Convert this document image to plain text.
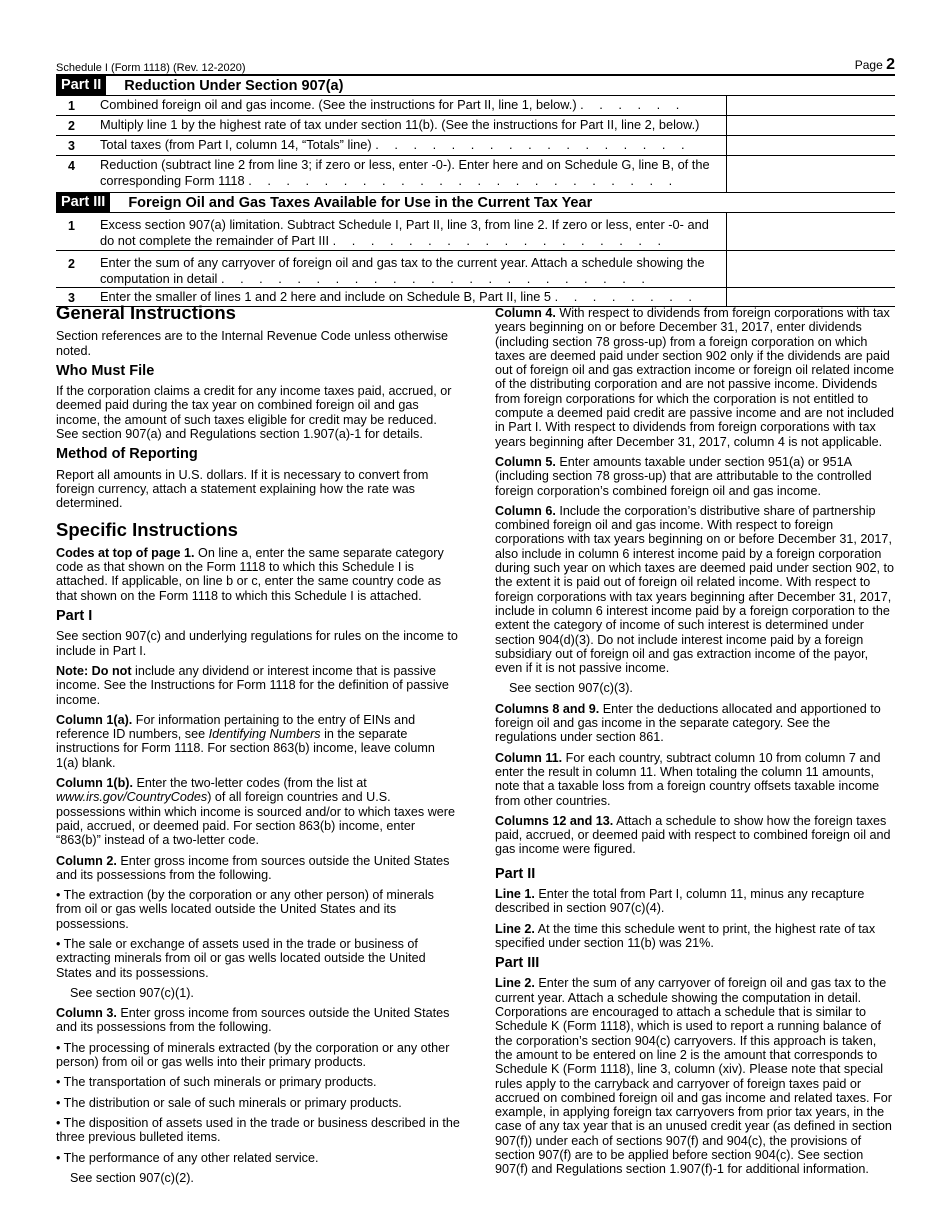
Schedule I (Form 1118) (Rev. 12-2020)	Page 2
Part II	Reduction Under Section 907(a)
1	Combined foreign oil and gas income. (See the instructions for Part II, line 1, below.) . . . . . .
2	Multiply line 1 by the highest rate of tax under section 11(b). (See the instructions for Part II, line 2, below.)
3	Total taxes (from Part I, column 14, “Totals” line) . . . . . . . . . . . . . . . . .
4	Reduction (subtract line 2 from line 3; if zero or less, enter -0-). Enter here and on Schedule G, line B, of the corresponding Form 1118 . . . . . . . . . . . . . . . . . . . . . . .
Part III	Foreign Oil and Gas Taxes Available for Use in the Current Tax Year
1	Excess section 907(a) limitation. Subtract Schedule I, Part II, line 3, from line 2. If zero or less, enter -0- and do not complete the remainder of Part III . . . . . . . . . . . . . . . . . .
2	Enter the sum of any carryover of foreign oil and gas tax to the current year. Attach a schedule showing the computation in detail . . . . . . . . . . . . . . . . . . . . . . .
3	Enter the smaller of lines 1 and 2 here and include on Schedule B, Part II, line 5 . . . . . . . .
General Instructions

Section references are to the Internal Revenue Code unless otherwise noted.

Who Must File

If the corporation claims a credit for any income taxes paid, accrued, or deemed paid during the tax year on combined foreign oil and gas income, the amount of such taxes eligible for credit may be reduced. See section 907(a) and Regulations section 1.907(a)-1 for details.

Method of Reporting

Report all amounts in U.S. dollars. If it is necessary to convert from foreign currency, attach a statement explaining how the rate was determined.

Specific Instructions

Codes at top of page 1. On line a, enter the same separate category code as that shown on the Form 1118 to which this Schedule I is attached. If applicable, on line b or c, enter the same country code as that shown on the Form 1118 to which this Schedule I is attached.

Part I

See section 907(c) and underlying regulations for rules on the income to include in Part I.

Note: Do not include any dividend or interest income that is passive income. See the Instructions for Form 1118 for the definition of passive income.

Column 1(a). For information pertaining to the entry of EINs and reference ID numbers, see Identifying Numbers in the separate instructions for Form 1118. For section 863(b) income, leave column 1(a) blank.

Column 1(b). Enter the two-letter codes (from the list at www.irs.gov/CountryCodes) of all foreign countries and U.S. possessions within which income is sourced and/or to which taxes were paid, accrued, or deemed paid. For section 863(b) income, enter “863(b)” instead of a two-letter code.

Column 2. Enter gross income from sources outside the United States and its possessions from the following.

• The extraction (by the corporation or any other person) of minerals from oil or gas wells located outside the United States and its possessions.

• The sale or exchange of assets used in the trade or business of extracting minerals from oil or gas wells located outside the United States and its possessions.

See section 907(c)(1).

Column 3. Enter gross income from sources outside the United States and its possessions from the following.

• The processing of minerals extracted (by the corporation or any other person) from oil or gas wells into their primary products.

• The transportation of such minerals or primary products.

• The distribution or sale of such minerals or primary products.

• The disposition of assets used in the trade or business described in the three previous bulleted items.

• The performance of any other related service.

See section 907(c)(2).

Column 4. With respect to dividends from foreign corporations with tax years beginning on or before December 31, 2017, enter dividends (including section 78 gross-up) from a foreign corporation on which taxes are deemed paid under section 902 only if the dividends are paid out of foreign oil and gas extraction income or foreign oil related income of the distributing corporation and are not passive income. Dividends from foreign corporations for which the corporation is not entitled to compute a deemed paid credit are passive income and are not included in Part I. With respect to dividends from foreign corporations with tax years beginning after December 31, 2017, column 4 is not applicable.

Column 5. Enter amounts taxable under section 951(a) or 951A (including section 78 gross-up) that are attributable to the controlled foreign corporation’s combined foreign oil and gas income.

Column 6. Include the corporation’s distributive share of partnership combined foreign oil and gas income. With respect to foreign corporations with tax years beginning on or before December 31, 2017, also include in column 6 interest income paid by a foreign corporation during such year on which taxes are deemed paid under section 902, to the extent it is paid out of foreign oil related income. With respect to foreign corporations with tax years beginning after December 31, 2017, include in column 6 interest income paid by a foreign corporation to the extent the category of income of such interest is determined under section 904(d)(3). Do not include interest income paid by a foreign subsidiary out of foreign oil and gas extraction income of the payor, even if it is not passive income.

See section 907(c)(3).

Columns 8 and 9. Enter the deductions allocated and apportioned to foreign oil and gas income in the separate category. See the regulations under section 861.

Column 11. For each country, subtract column 10 from column 7 and enter the result in column 11. When totaling the column 11 amounts, note that a taxable loss from a foreign country offsets taxable income from other countries.

Columns 12 and 13. Attach a schedule to show how the foreign taxes paid, accrued, or deemed paid with respect to combined foreign oil and gas income were figured.

Part II

Line 1. Enter the total from Part I, column 11, minus any recapture described in section 907(c)(4).

Line 2. At the time this schedule went to print, the highest rate of tax specified under section 11(b) was 21%.

Part III

Line 2. Enter the sum of any carryover of foreign oil and gas tax to the current year. Attach a schedule showing the computation in detail. Corporations are encouraged to attach a schedule that is similar to Schedule K (Form 1118), which is used to report a running balance of the corporation’s section 904(c) carryovers. If this approach is taken, the amount to be entered on line 2 is the amount that corresponds to Schedule K (Form 1118), line 3, column (xiv). Please note that special rules apply to the carryback and carryover of foreign taxes paid or accrued on combined foreign oil and gas income and related taxes. For example, in applying foreign tax carryovers from prior tax years, in the case of any tax year that is an unused credit year (as defined in section 907(f)) under each of sections 907(f) and 904(c), the provisions of section 907(f) are to be applied before section 904(c). See section 907(f) and Regulations section 1.907(f)-1 for additional information.
